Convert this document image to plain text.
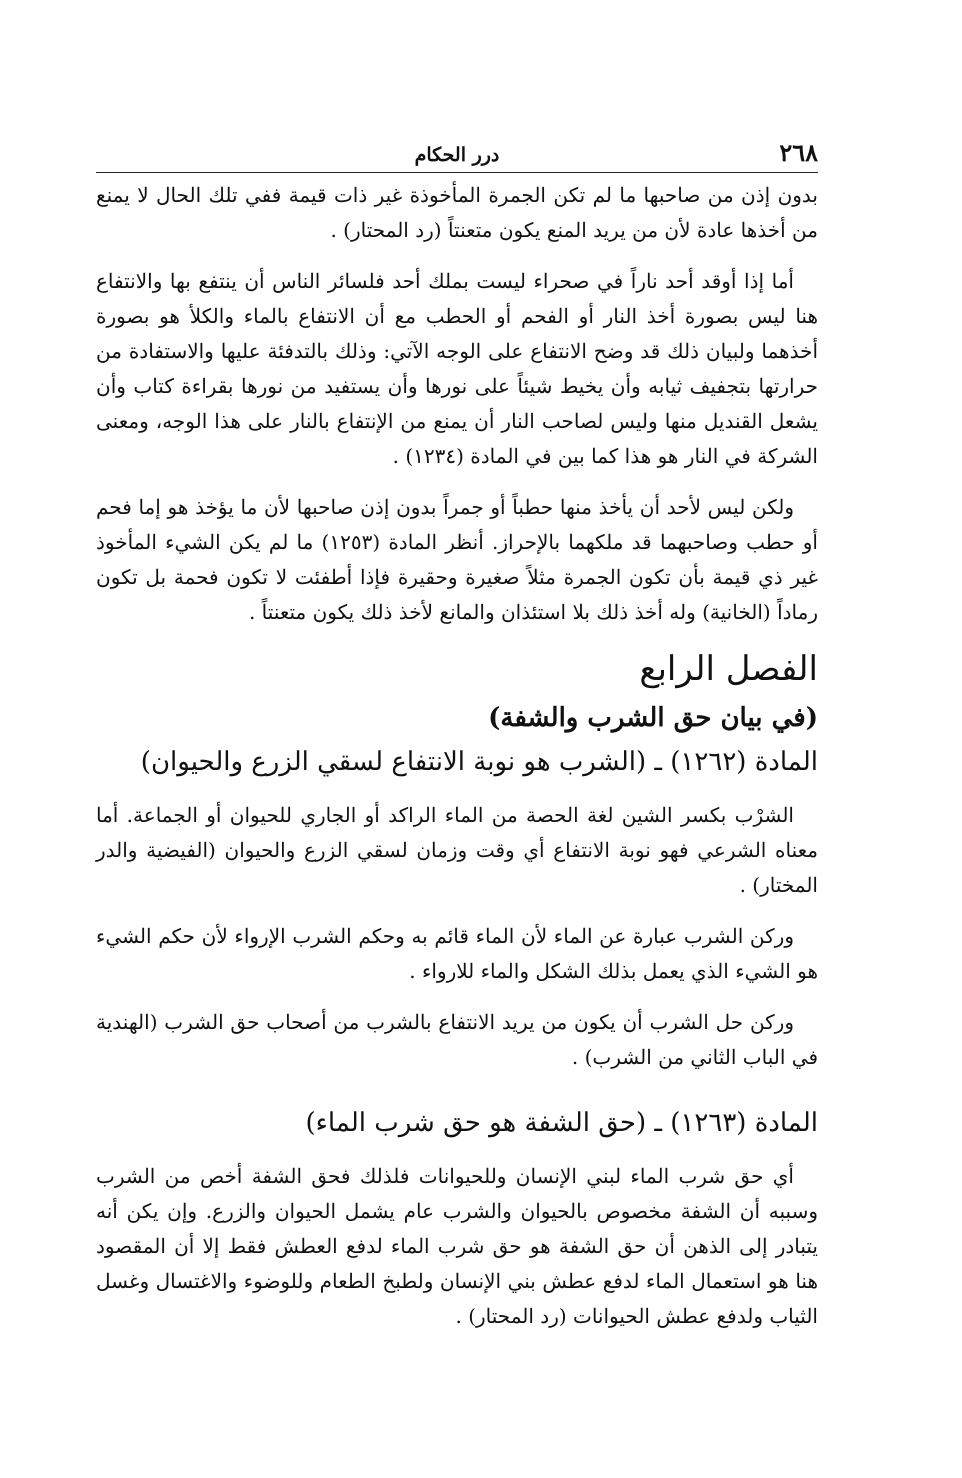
٢٦٨
درر الحكام

بدون إذن من صاحبها ما لم تكن الجمرة المأخوذة غير ذات قيمة ففي تلك الحال لا يمنع من أخذها عادة لأن من يريد المنع يكون متعنتاً (رد المحتار) .

أما إذا أوقد أحد ناراً في صحراء ليست بملك أحد فلسائر الناس أن ينتفع بها والانتفاع هنا ليس بصورة أخذ النار أو الفحم أو الحطب مع أن الانتفاع بالماء والكلأ هو بصورة أخذهما ولبيان ذلك قد وضح الانتفاع على الوجه الآتي: وذلك بالتدفئة عليها والاستفادة من حرارتها بتجفيف ثيابه وأن يخيط شيئاً على نورها وأن يستفيد من نورها بقراءة كتاب وأن يشعل القنديل منها وليس لصاحب النار أن يمنع من الإنتفاع بالنار على هذا الوجه، ومعنى الشركة في النار هو هذا كما بين في المادة (١٢٣٤) .

ولكن ليس لأحد أن يأخذ منها حطباً أو جمراً بدون إذن صاحبها لأن ما يؤخذ هو إما فحم أو حطب وصاحبهما قد ملكهما بالإحراز. أنظر المادة (١٢٥٣) ما لم يكن الشيء المأخوذ غير ذي قيمة بأن تكون الجمرة مثلاً صغيرة وحقيرة فإذا أطفئت لا تكون فحمة بل تكون رماداً (الخانية) وله أخذ ذلك بلا استئذان والمانع لأخذ ذلك يكون متعنتاً .

الفصل الرابع
(في بيان حق الشرب والشفة)
المادة (١٢٦٢) ـ (الشرب هو نوبة الانتفاع لسقي الزرع والحيوان)

الشرْب بكسر الشين لغة الحصة من الماء الراكد أو الجاري للحيوان أو الجماعة. أما معناه الشرعي فهو نوبة الانتفاع أي وقت وزمان لسقي الزرع والحيوان (الفيضية والدر المختار) .

وركن الشرب عبارة عن الماء لأن الماء قائم به وحكم الشرب الإرواء لأن حكم الشيء هو الشيء الذي يعمل بذلك الشكل والماء للارواء .

وركن حل الشرب أن يكون من يريد الانتفاع بالشرب من أصحاب حق الشرب (الهندية في الباب الثاني من الشرب) .

المادة (١٢٦٣) ـ (حق الشفة هو حق شرب الماء)

أي حق شرب الماء لبني الإنسان وللحيوانات فلذلك فحق الشفة أخص من الشرب وسببه أن الشفة مخصوص بالحيوان والشرب عام يشمل الحيوان والزرع. وإن يكن أنه يتبادر إلى الذهن أن حق الشفة هو حق شرب الماء لدفع العطش فقط إلا أن المقصود هنا هو استعمال الماء لدفع عطش بني الإنسان ولطبخ الطعام وللوضوء والاغتسال وغسل الثياب ولدفع عطش الحيوانات (رد المحتار) .
